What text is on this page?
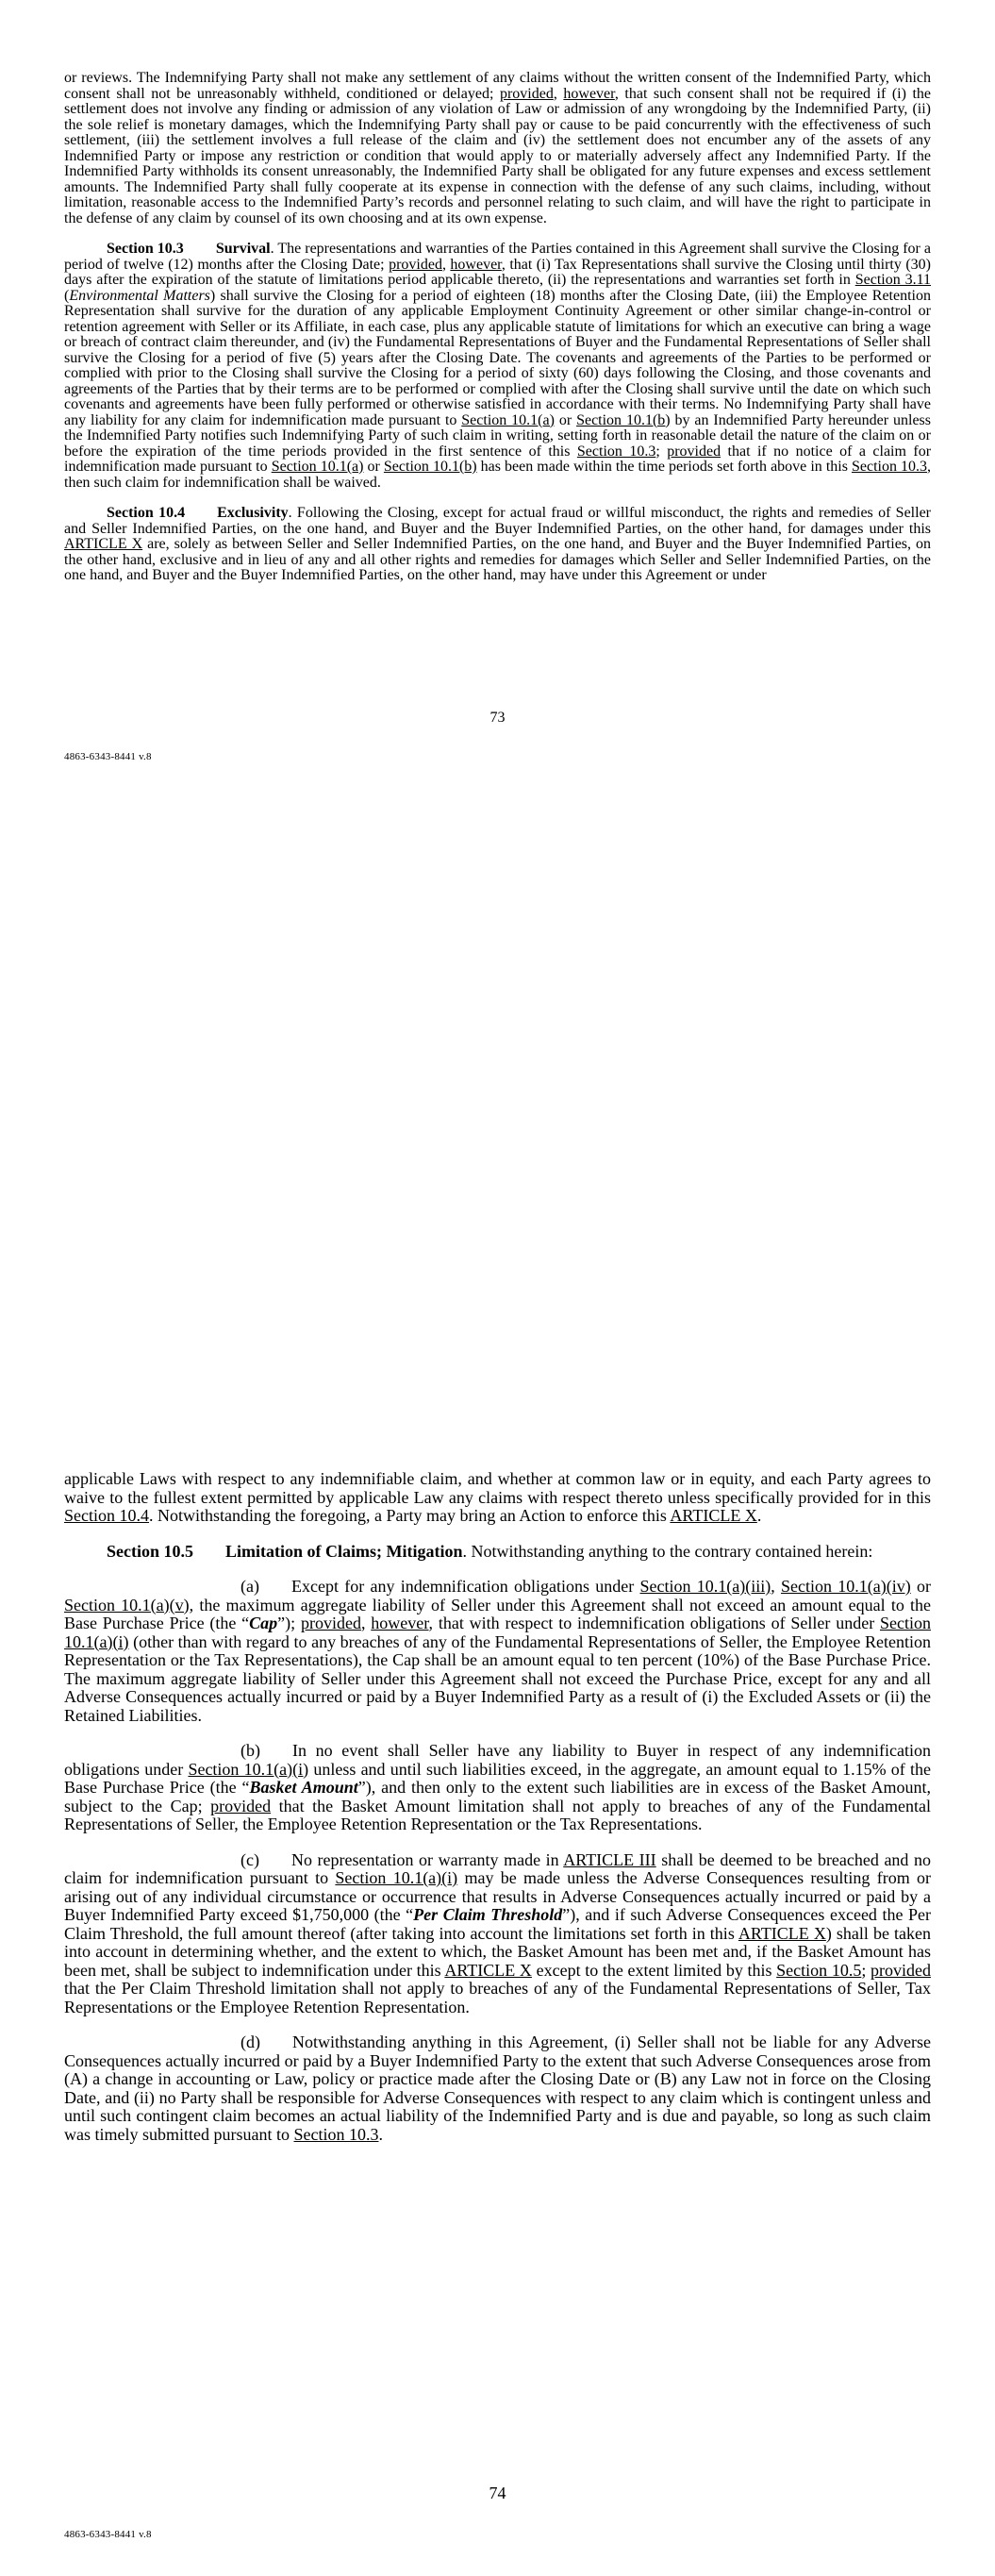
or reviews. The Indemnifying Party shall not make any settlement of any claims without the written consent of the Indemnified Party, which consent shall not be unreasonably withheld, conditioned or delayed; provided, however, that such consent shall not be required if (i) the settlement does not involve any finding or admission of any violation of Law or admission of any wrongdoing by the Indemnified Party, (ii) the sole relief is monetary damages, which the Indemnifying Party shall pay or cause to be paid concurrently with the effectiveness of such settlement, (iii) the settlement involves a full release of the claim and (iv) the settlement does not encumber any of the assets of any Indemnified Party or impose any restriction or condition that would apply to or materially adversely affect any Indemnified Party. If the Indemnified Party withholds its consent unreasonably, the Indemnified Party shall be obligated for any future expenses and excess settlement amounts. The Indemnified Party shall fully cooperate at its expense in connection with the defense of any such claims, including, without limitation, reasonable access to the Indemnified Party’s records and personnel relating to such claim, and will have the right to participate in the defense of any claim by counsel of its own choosing and at its own expense.

Section 10.3 Survival. The representations and warranties of the Parties contained in this Agreement shall survive the Closing for a period of twelve (12) months after the Closing Date; provided, however, that (i) Tax Representations shall survive the Closing until thirty (30) days after the expiration of the statute of limitations period applicable thereto, (ii) the representations and warranties set forth in Section 3.11 (Environmental Matters) shall survive the Closing for a period of eighteen (18) months after the Closing Date, (iii) the Employee Retention Representation shall survive for the duration of any applicable Employment Continuity Agreement or other similar change-in-control or retention agreement with Seller or its Affiliate, in each case, plus any applicable statute of limitations for which an executive can bring a wage or breach of contract claim thereunder, and (iv) the Fundamental Representations of Buyer and the Fundamental Representations of Seller shall survive the Closing for a period of five (5) years after the Closing Date. The covenants and agreements of the Parties to be performed or complied with prior to the Closing shall survive the Closing for a period of sixty (60) days following the Closing, and those covenants and agreements of the Parties that by their terms are to be performed or complied with after the Closing shall survive until the date on which such covenants and agreements have been fully performed or otherwise satisfied in accordance with their terms. No Indemnifying Party shall have any liability for any claim for indemnification made pursuant to Section 10.1(a) or Section 10.1(b) by an Indemnified Party hereunder unless the Indemnified Party notifies such Indemnifying Party of such claim in writing, setting forth in reasonable detail the nature of the claim on or before the expiration of the time periods provided in the first sentence of this Section 10.3; provided that if no notice of a claim for indemnification made pursuant to Section 10.1(a) or Section 10.1(b) has been made within the time periods set forth above in this Section 10.3, then such claim for indemnification shall be waived.

Section 10.4 Exclusivity. Following the Closing, except for actual fraud or willful misconduct, the rights and remedies of Seller and Seller Indemnified Parties, on the one hand, and Buyer and the Buyer Indemnified Parties, on the other hand, for damages under this ARTICLE X are, solely as between Seller and Seller Indemnified Parties, on the one hand, and Buyer and the Buyer Indemnified Parties, on the other hand, exclusive and in lieu of any and all other rights and remedies for damages which Seller and Seller Indemnified Parties, on the one hand, and Buyer and the Buyer Indemnified Parties, on the other hand, may have under this Agreement or under

73
4863-6343-8441 v.8

applicable Laws with respect to any indemnifiable claim, and whether at common law or in equity, and each Party agrees to waive to the fullest extent permitted by applicable Law any claims with respect thereto unless specifically provided for in this Section 10.4. Notwithstanding the foregoing, a Party may bring an Action to enforce this ARTICLE X.

Section 10.5 Limitation of Claims; Mitigation. Notwithstanding anything to the contrary contained herein:

(a) Except for any indemnification obligations under Section 10.1(a)(iii), Section 10.1(a)(iv) or Section 10.1(a)(v), the maximum aggregate liability of Seller under this Agreement shall not exceed an amount equal to the Base Purchase Price (the “Cap”); provided, however, that with respect to indemnification obligations of Seller under Section 10.1(a)(i) (other than with regard to any breaches of any of the Fundamental Representations of Seller, the Employee Retention Representation or the Tax Representations), the Cap shall be an amount equal to ten percent (10%) of the Base Purchase Price. The maximum aggregate liability of Seller under this Agreement shall not exceed the Purchase Price, except for any and all Adverse Consequences actually incurred or paid by a Buyer Indemnified Party as a result of (i) the Excluded Assets or (ii) the Retained Liabilities.

(b) In no event shall Seller have any liability to Buyer in respect of any indemnification obligations under Section 10.1(a)(i) unless and until such liabilities exceed, in the aggregate, an amount equal to 1.15% of the Base Purchase Price (the “Basket Amount”), and then only to the extent such liabilities are in excess of the Basket Amount, subject to the Cap; provided that the Basket Amount limitation shall not apply to breaches of any of the Fundamental Representations of Seller, the Employee Retention Representation or the Tax Representations.

(c) No representation or warranty made in ARTICLE III shall be deemed to be breached and no claim for indemnification pursuant to Section 10.1(a)(i) may be made unless the Adverse Consequences resulting from or arising out of any individual circumstance or occurrence that results in Adverse Consequences actually incurred or paid by a Buyer Indemnified Party exceed $1,750,000 (the “Per Claim Threshold”), and if such Adverse Consequences exceed the Per Claim Threshold, the full amount thereof (after taking into account the limitations set forth in this ARTICLE X) shall be taken into account in determining whether, and the extent to which, the Basket Amount has been met and, if the Basket Amount has been met, shall be subject to indemnification under this ARTICLE X except to the extent limited by this Section 10.5; provided that the Per Claim Threshold limitation shall not apply to breaches of any of the Fundamental Representations of Seller, Tax Representations or the Employee Retention Representation.

(d) Notwithstanding anything in this Agreement, (i) Seller shall not be liable for any Adverse Consequences actually incurred or paid by a Buyer Indemnified Party to the extent that such Adverse Consequences arose from (A) a change in accounting or Law, policy or practice made after the Closing Date or (B) any Law not in force on the Closing Date, and (ii) no Party shall be responsible for Adverse Consequences with respect to any claim which is contingent unless and until such contingent claim becomes an actual liability of the Indemnified Party and is due and payable, so long as such claim was timely submitted pursuant to Section 10.3.

74
4863-6343-8441 v.8
